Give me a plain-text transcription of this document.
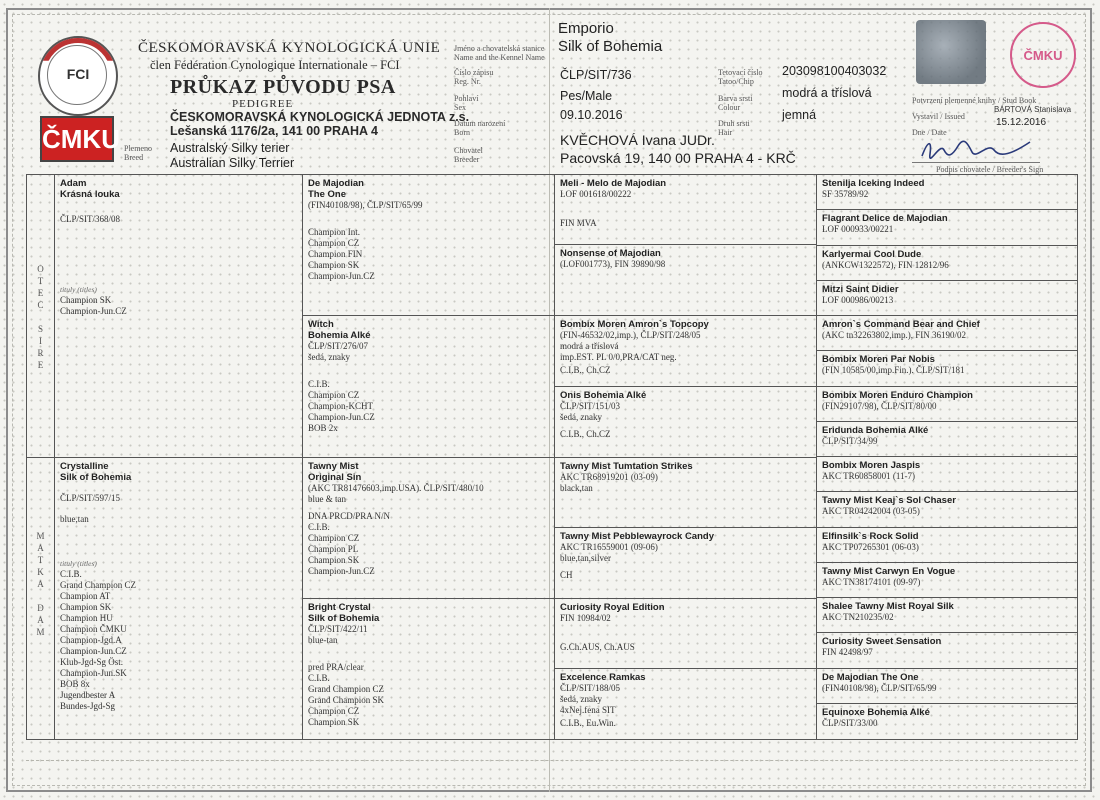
FCI
ČMKU
ČESKOMORAVSKÁ KYNOLOGICKÁ UNIE
člen Fédération Cynologique Internationale – FCI
PRŮKAZ PŮVODU PSA
PEDIGREE
ČESKOMORAVSKÁ KYNOLOGICKÁ JEDNOTA z.s.
Lešanská 1176/2a, 141 00 PRAHA 4
Plemeno
Breed
Australský Silky terier
Australian Silky Terrier
Jméno a chovatelská stanice
Name and the Kennel Name
Číslo zápisu
Reg. Nr.
Pohlaví
Sex
Datum narození
Born
Chovatel
Breeder
Emporio
Silk of Bohemia
ČLP/SIT/736
Pes/Male
09.10.2016
KVĚCHOVÁ Ivana JUDr.
Pacovská 19, 140 00 PRAHA 4 - KRČ
Tetovací číslo
Tatoo/Chip
Barva srsti
Colour
Druh srsti
Hair
203098100403032
modrá a tříslová
jemná
ČMKU
Potvrzení plemenné knihy / Stud Book
BÁRTOVÁ Stanislava
Vystavil / Issued
Dne / Date
15.12.2016
Podpis chovatele / Breeder's Sign
O
T
E
C

S
I
R
E
M
A
T
K
A

D
A
M
Adam
Krásná louka
ČLP/SIT/368/08
tituly (titles)
Champion SK
Champion-Jun.CZ
Crystalline
Silk of Bohemia
ČLP/SIT/597/15
blue,tan
tituly (titles)
C.I.B.
Grand Champion CZ
Champion AT
Champion SK
Champion HU
Champion ČMKU
Champion-Jgd.A
Champion-Jun.CZ
Klub-Jgd-Sg Öst.
Champion-Jun.SK
BOB 8x
Jugendbester A
Bundes-Jgd-Sg
De Majodian
The One
(FIN40108/98), ČLP/SIT/65/99
Champion Int.
Champion CZ
Champion FIN
Champion SK
Champion-Jun.CZ
Witch
Bohemia Alké
ČLP/SIT/276/07
šedá, znaky
C.I.B.
Champion CZ
Champion-KCHT
Champion-Jun.CZ
BOB 2x
Tawny Mist
Original Sin
(AKC TR81476603,imp.USA). ČLP/SIT/480/10
blue & tan
DNA PRCD/PRA N/N
C.I.B.
Champion CZ
Champion PL
Champion SK
Champion-Jun.CZ
Bright Crystal
Silk of Bohemia
ČLP/SIT/422/11
blue-tan
pred PRA/clear
C.I.B.
Grand Champion CZ
Grand Champion SK
Champion CZ
Champion SK
Meli - Melo de Majodian
LOF 001618/00222
FIN MVA
Nonsense of Majodian
(LOF001773), FIN 39890/98
Bombix Moren Amron`s Topcopy
(FIN-46532/02,imp.), ČLP/SIT/248/05
modrá a tříslová
imp.EST. PL 0/0,PRA/CAT neg.
C.I.B., Ch.CZ
Onis Bohemia Alké
ČLP/SIT/151/03
šedá, znaky
C.I.B., Ch.CZ
Tawny Mist Tumtation Strikes
AKC TR68919201 (03-09)
black,tan
Tawny Mist Pebblewayrock Candy
AKC TR16559001 (09-06)
blue,tan,silver
CH
Curiosity Royal Edition
FIN 10984/02
G.Ch.AUS, Ch.AUS
Excelence Ramkas
ČLP/SIT/188/05
šedá, znaky
4xNej.fena SIT
C.I.B., Eu.Win.
Stenilja Iceking Indeed
SF 35789/92
Flagrant Delice de Majodian
LOF 000933/00221
Karlyermai Cool Dude
(ANKCW1322572), FIN 12812/96
Mitzi Saint Didier
LOF 000986/00213
Amron`s Command Bear and Chief
(AKC tn32263802,imp.), FIN 36190/02
Bombix Moren Par Nobis
(FIN 10585/00,imp.Fin.). ČLP/SIT/181
Bombix Moren Enduro Champion
(FIN29107/98), ČLP/SIT/80/00
Eridunda Bohemia Alké
ČLP/SIT/34/99
Bombix Moren Jaspis
AKC TR60858001 (11-7)
Tawny Mist Keaj`s Sol Chaser
AKC TR04242004 (03-05)
Elfinsilk`s Rock Solid
AKC TP07265301 (06-03)
Tawny Mist Carwyn En Vogue
AKC TN38174101 (09-97)
Shalee Tawny Mist Royal Silk
AKC TN210235/02
Curiosity Sweet Sensation
FIN 42498/97
De Majodian The One
(FIN40108/98), ČLP/SIT/65/99
Equinoxe Bohemia Alké
ČLP/SIT/33/00
